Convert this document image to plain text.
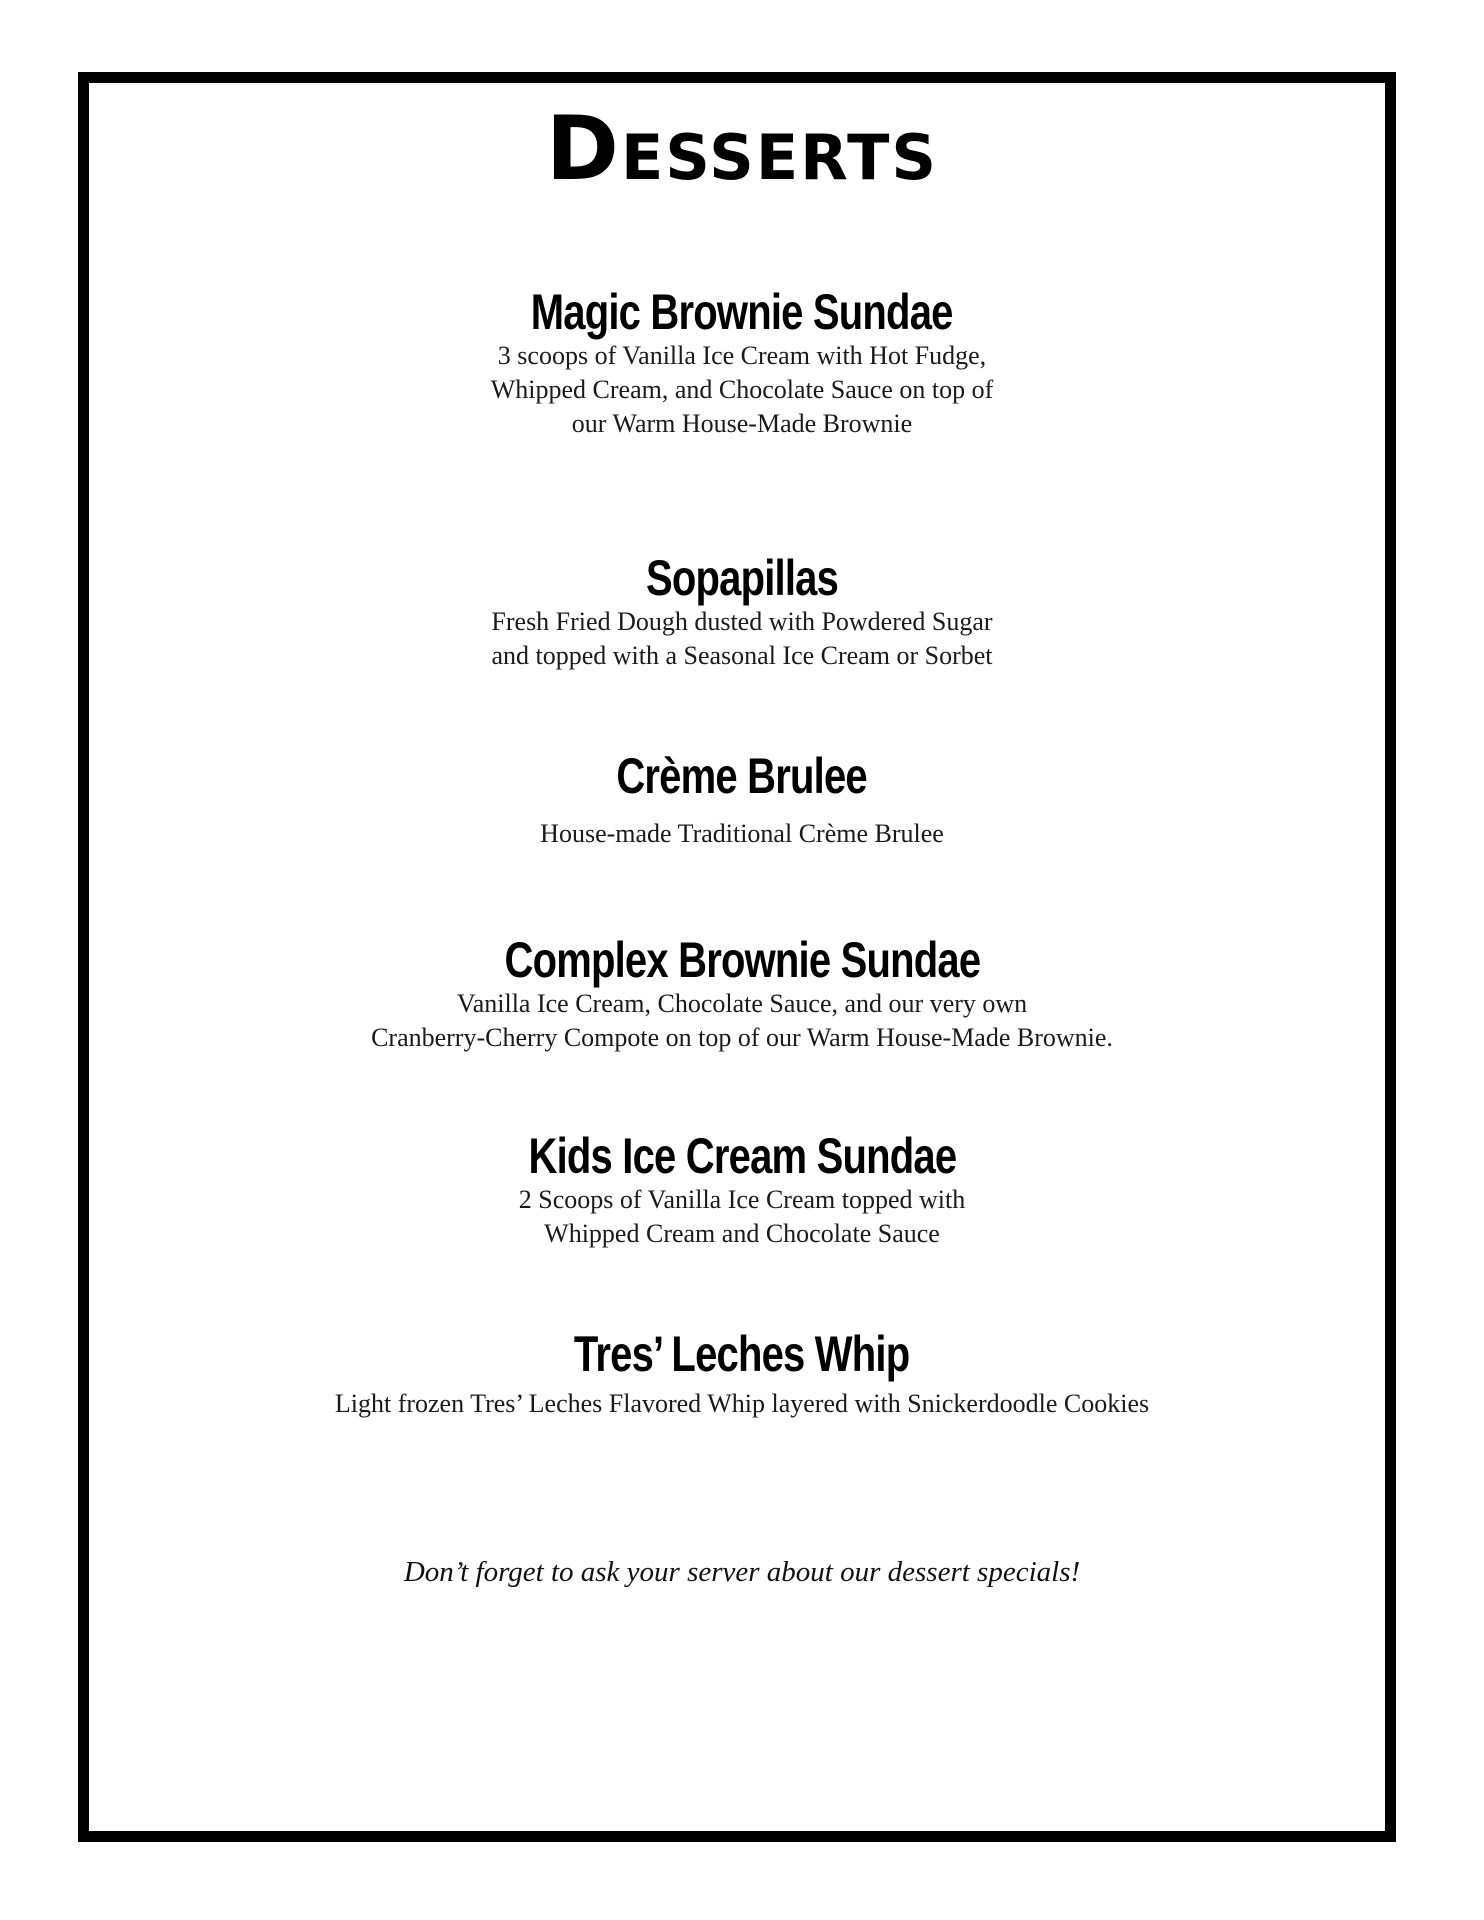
Desserts
Magic Brownie Sundae
3 scoops of Vanilla Ice Cream with Hot Fudge,
Whipped Cream, and Chocolate Sauce on top of
our Warm House-Made Brownie
Sopapillas
Fresh Fried Dough dusted with Powdered Sugar
and topped with a Seasonal Ice Cream or Sorbet
Crème Brulee
House-made Traditional Crème Brulee
Complex Brownie Sundae
Vanilla Ice Cream, Chocolate Sauce, and our very own
Cranberry-Cherry Compote on top of our Warm House-Made Brownie.
Kids Ice Cream Sundae
2 Scoops of Vanilla Ice Cream topped with
Whipped Cream and Chocolate Sauce
Tres’ Leches Whip
Light frozen Tres’ Leches Flavored Whip layered with Snickerdoodle Cookies
Don’t forget to ask your server about our dessert specials!
